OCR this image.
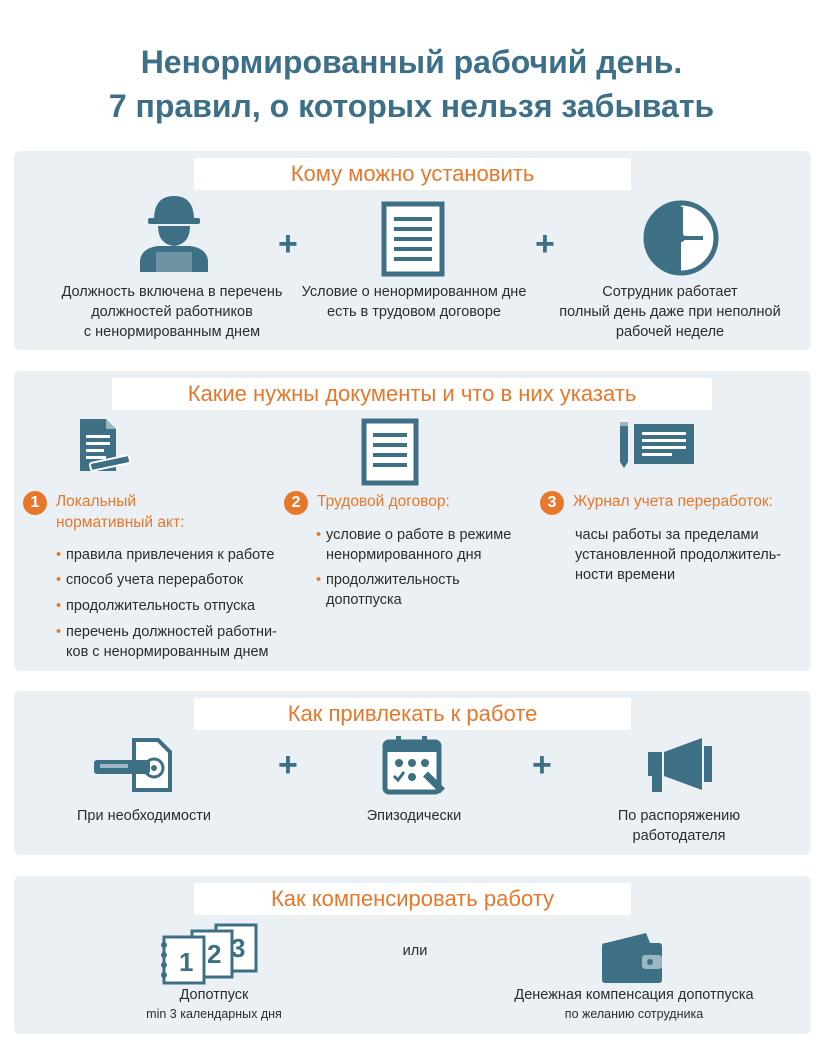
Ненормированный рабочий день.
7 правил, о которых нельзя забывать
Кому можно установить
+	+
Должность включена в перечень
должностей работников
с ненормированным днем
Условие о ненормированном дне
есть в трудовом договоре
Сотрудник работает
полный день даже при неполной
рабочей неделе
Какие нужны документы и что в них указать
1	Локальный
нормативный акт:
• правила привлечения к работе
• способ учета переработок
• продолжительность отпуска
• перечень должностей работни-
ков с ненормированным днем
2	Трудовой договор:
• условие о работе в режиме
ненормированного дня
• продолжительность
допотпуска
3	Журнал учета переработок:
часы работы за пределами
установленной продолжитель-
ности времени
Как привлекать к работе
+	+
При необходимости	Эпизодически	По распоряжению
работодателя
Как компенсировать работу
1 2 3	или
Допотпуск
min 3 календарных дня
Денежная компенсация допотпуска
по желанию сотрудника
